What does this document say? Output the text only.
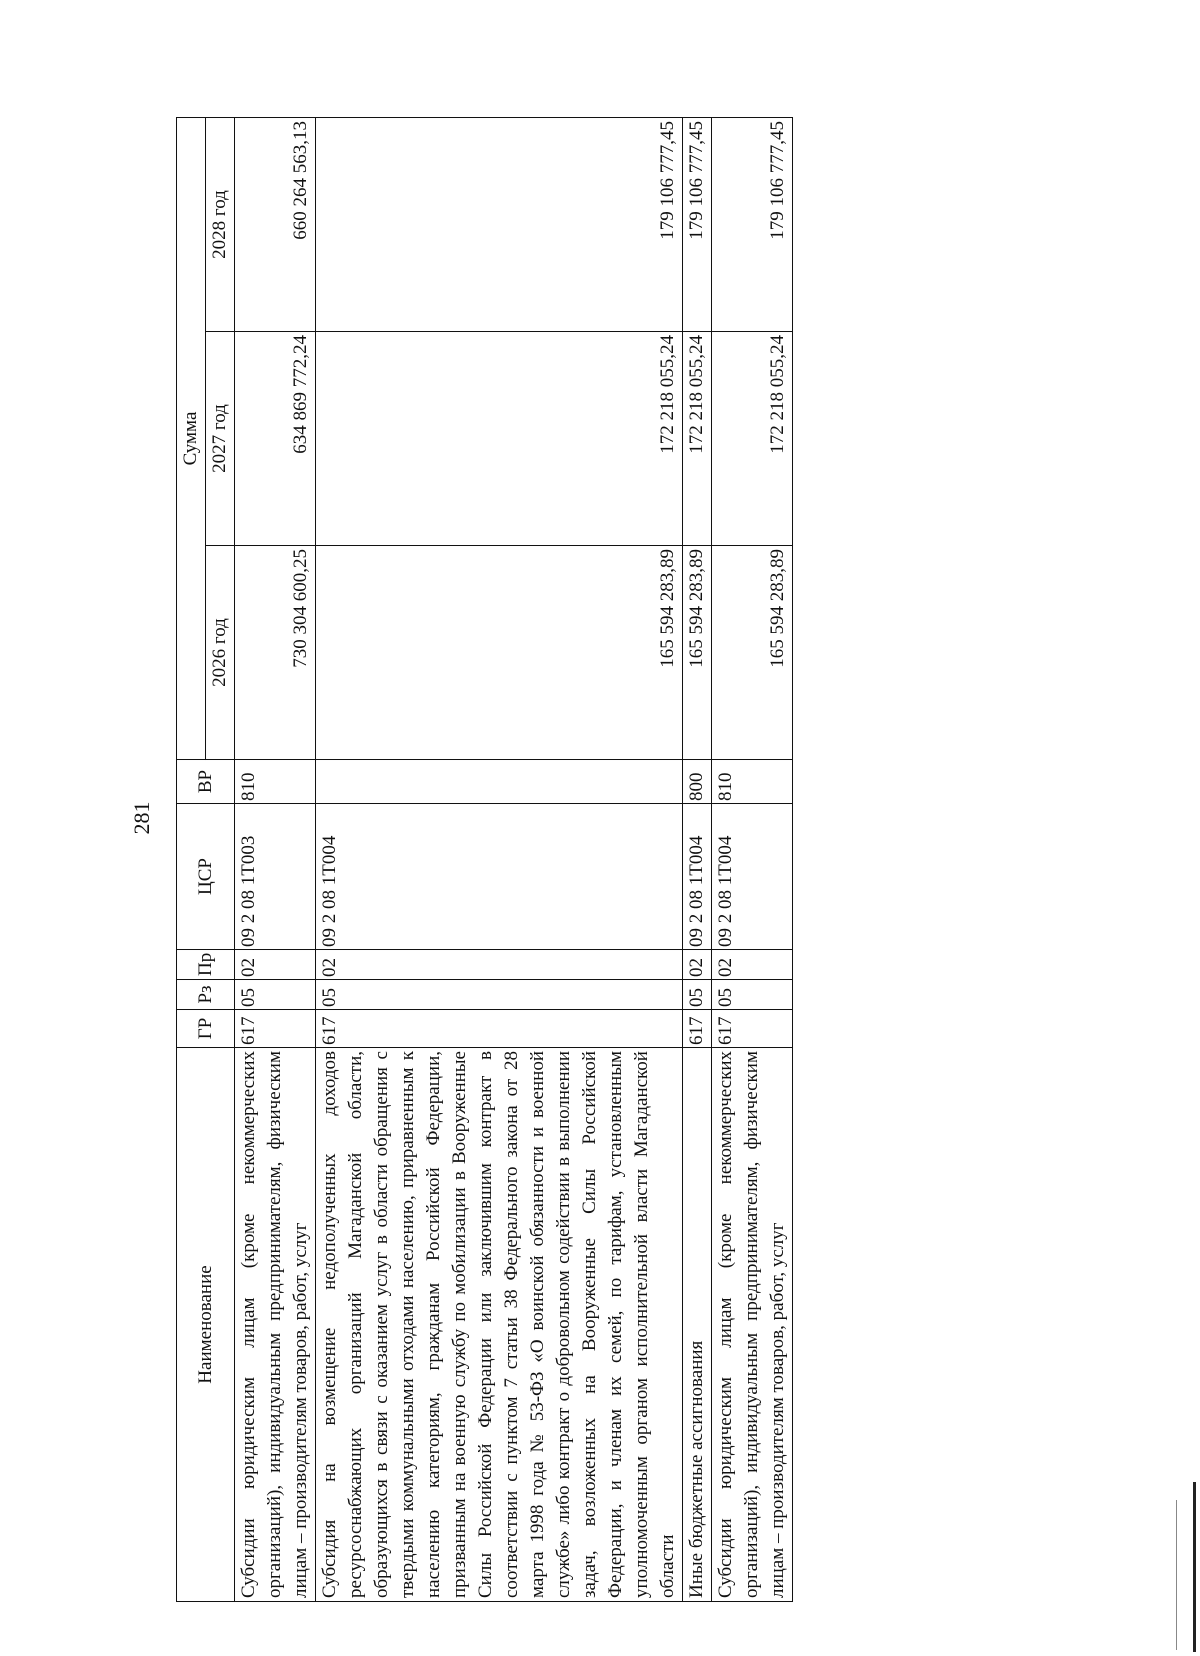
281
Наименование	ГР	Рз	Пр	ЦСР	ВР	Сумма		
						2026 год	2027 год	2028 год
Субсидии юридическим лицам (кроме некоммерческих организаций), индивидуальным предпринимателям, физическим лицам – производителям товаров, работ, услуг	617	05	02	09 2 08 1Т003	810	730 304 600,25	634 869 772,24	660 264 563,13
Субсидия на возмещение недополученных доходов ресурсоснабжающих организаций Магаданской области, образующихся в связи с оказанием услуг в области обращения с твердыми коммунальными отходами населению, приравненным к населению категориям, гражданам Российской Федерации, призванным на военную службу по мобилизации в Вооруженные Силы Российской Федерации или заключившим контракт в соответствии с пунктом 7 статьи 38 Федерального закона от 28 марта 1998 года № 53-ФЗ «О воинской обязанности и военной службе» либо контракт о добровольном содействии в выполнении задач, возложенных на Вооруженные Силы Российской Федерации, и членам их семей, по тарифам, установленным уполномоченным органом исполнительной власти Магаданской области	617	05	02	09 2 08 1Т004		165 594 283,89	172 218 055,24	179 106 777,45
Иные бюджетные ассигнования	617	05	02	09 2 08 1Т004	800	165 594 283,89	172 218 055,24	179 106 777,45
Субсидии юридическим лицам (кроме некоммерческих организаций), индивидуальным предпринимателям, физическим лицам – производителям товаров, работ, услуг	617	05	02	09 2 08 1Т004	810	165 594 283,89	172 218 055,24	179 106 777,45
